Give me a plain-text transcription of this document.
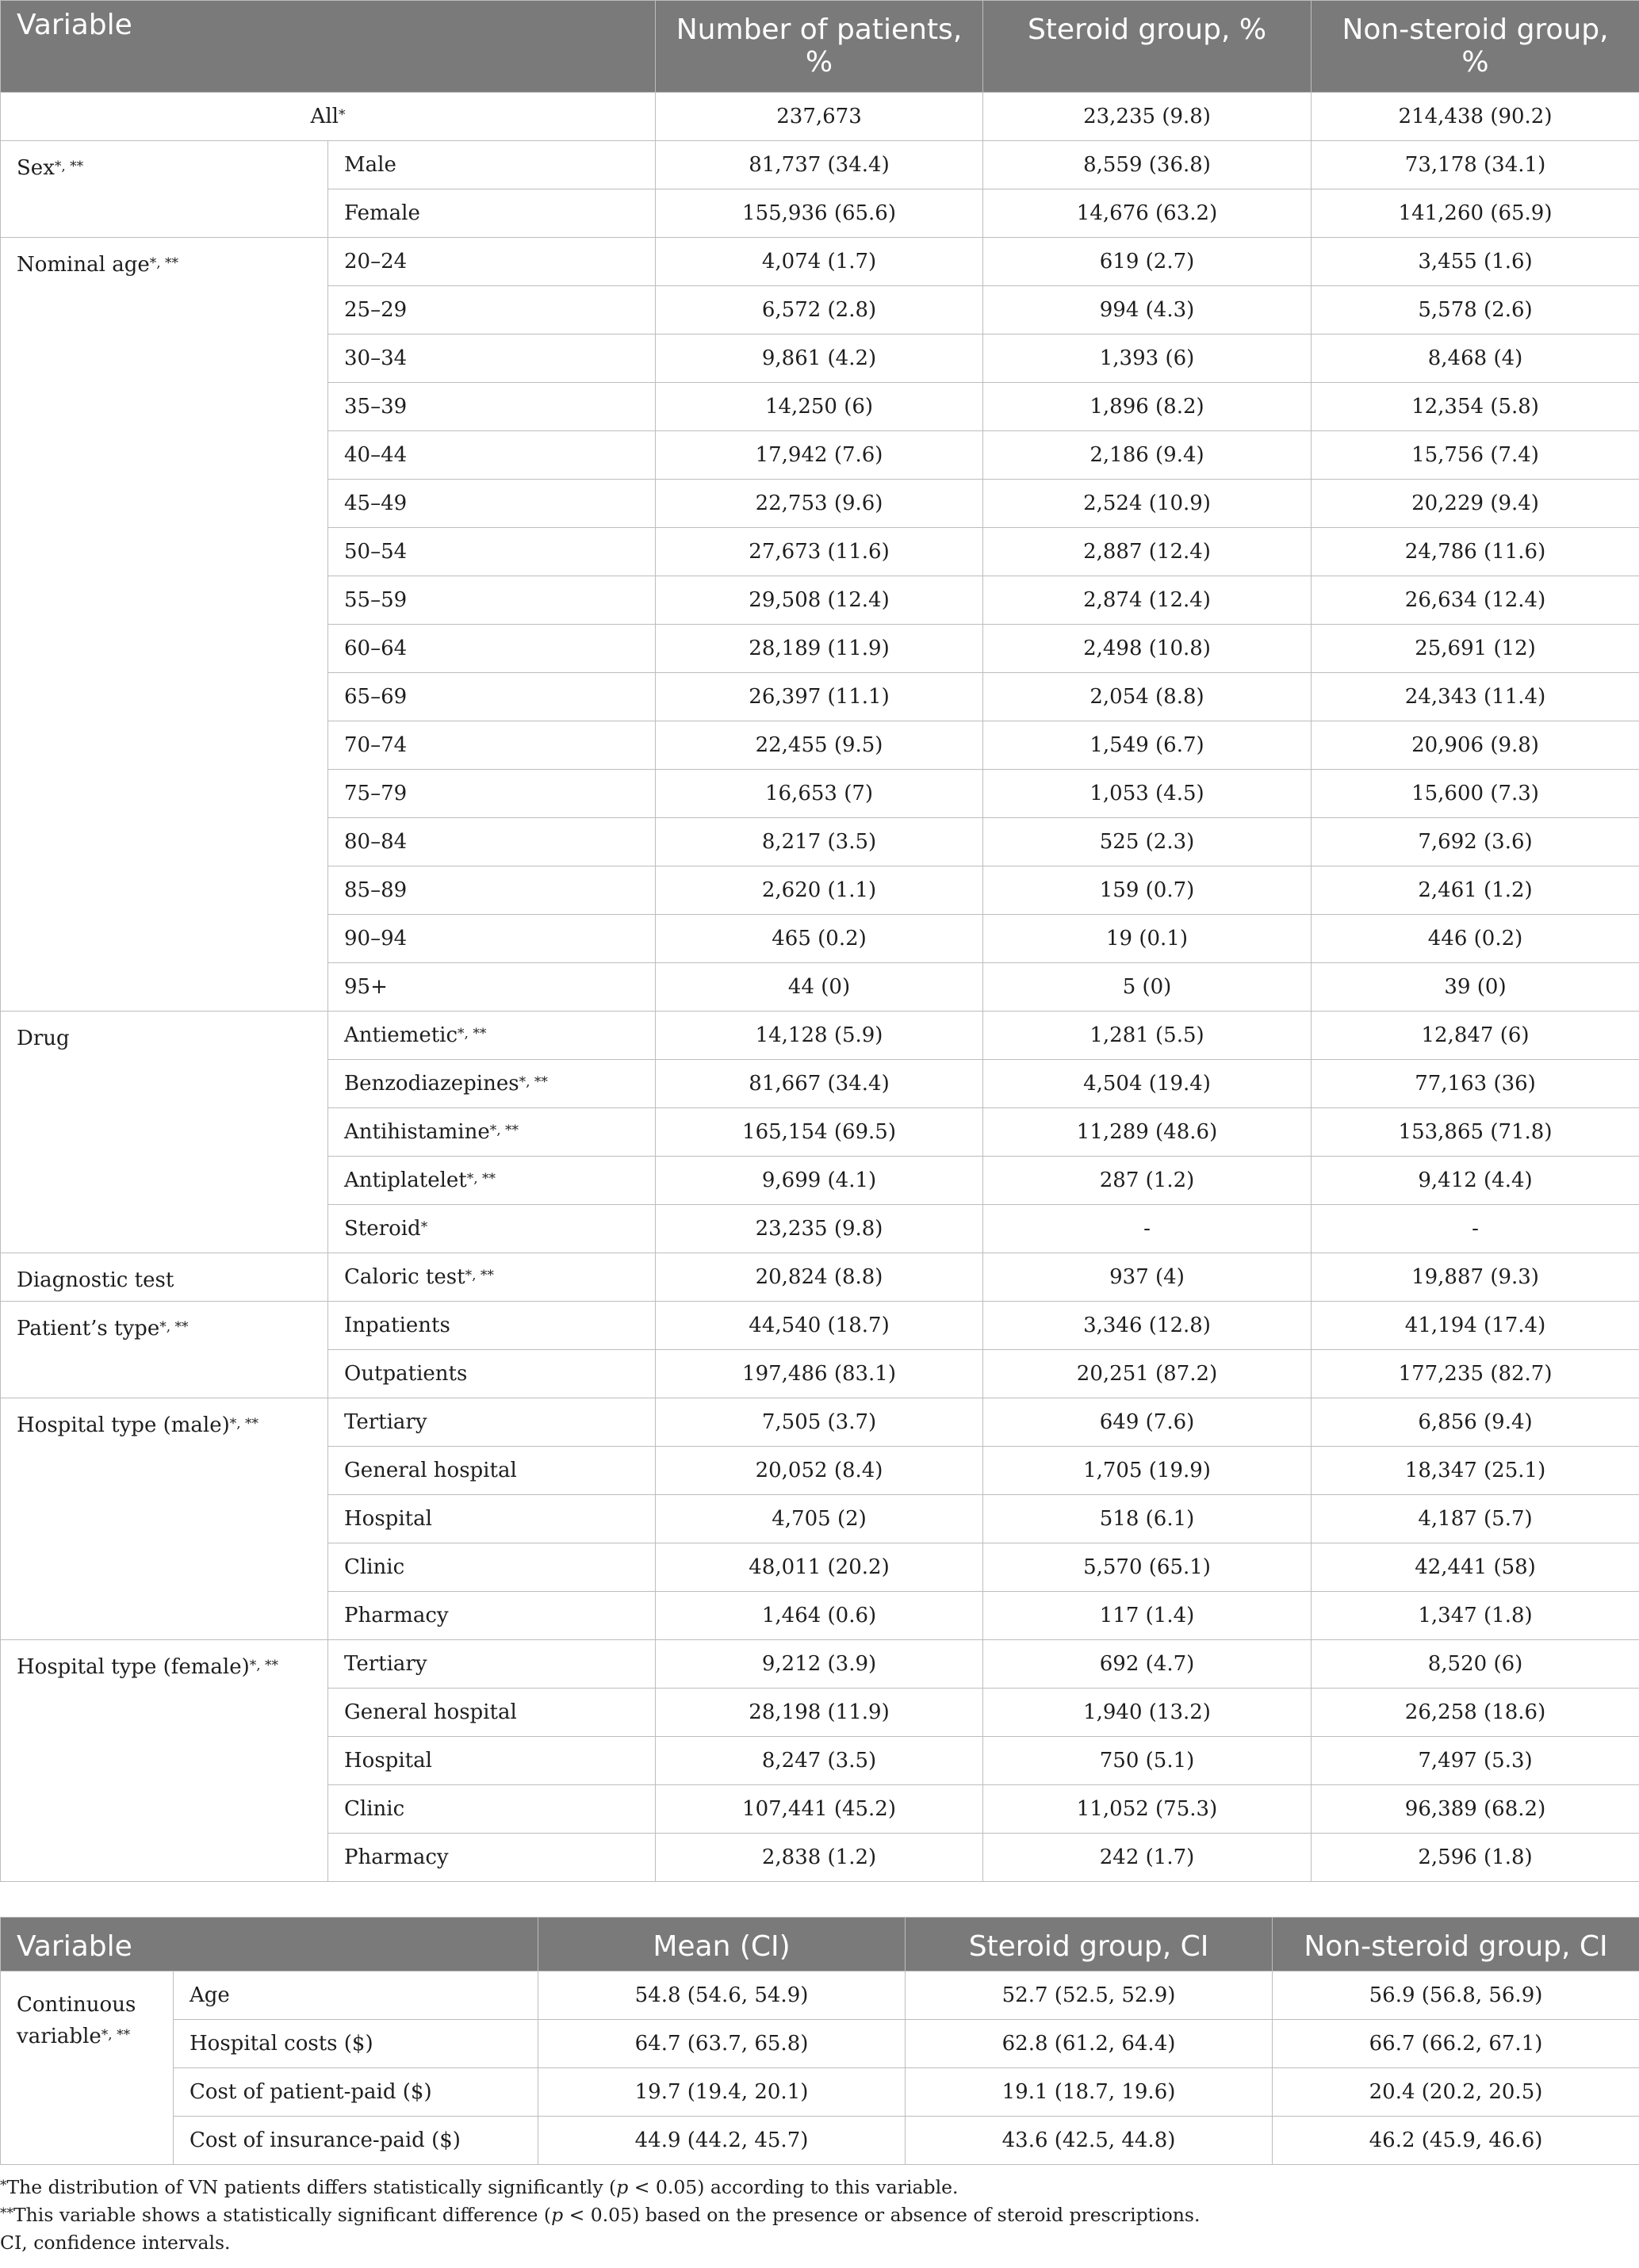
Variable		Number of patients, %	Steroid group, %	Non-steroid group, %
All*		237,673	23,235 (9.8)	214,438 (90.2)
Sex*, **	Male	81,737 (34.4)	8,559 (36.8)	73,178 (34.1)
	Female	155,936 (65.6)	14,676 (63.2)	141,260 (65.9)
Nominal age*, **	20–24	4,074 (1.7)	619 (2.7)	3,455 (1.6)
	25–29	6,572 (2.8)	994 (4.3)	5,578 (2.6)
	30–34	9,861 (4.2)	1,393 (6)	8,468 (4)
	35–39	14,250 (6)	1,896 (8.2)	12,354 (5.8)
	40–44	17,942 (7.6)	2,186 (9.4)	15,756 (7.4)
	45–49	22,753 (9.6)	2,524 (10.9)	20,229 (9.4)
	50–54	27,673 (11.6)	2,887 (12.4)	24,786 (11.6)
	55–59	29,508 (12.4)	2,874 (12.4)	26,634 (12.4)
	60–64	28,189 (11.9)	2,498 (10.8)	25,691 (12)
	65–69	26,397 (11.1)	2,054 (8.8)	24,343 (11.4)
	70–74	22,455 (9.5)	1,549 (6.7)	20,906 (9.8)
	75–79	16,653 (7)	1,053 (4.5)	15,600 (7.3)
	80–84	8,217 (3.5)	525 (2.3)	7,692 (3.6)
	85–89	2,620 (1.1)	159 (0.7)	2,461 (1.2)
	90–94	465 (0.2)	19 (0.1)	446 (0.2)
	95+	44 (0)	5 (0)	39 (0)
Drug	Antiemetic*, **	14,128 (5.9)	1,281 (5.5)	12,847 (6)
	Benzodiazepines*, **	81,667 (34.4)	4,504 (19.4)	77,163 (36)
	Antihistamine*, **	165,154 (69.5)	11,289 (48.6)	153,865 (71.8)
	Antiplatelet*, **	9,699 (4.1)	287 (1.2)	9,412 (4.4)
	Steroid*	23,235 (9.8)	-	-
Diagnostic test	Caloric test*, **	20,824 (8.8)	937 (4)	19,887 (9.3)
Patient’s type*, **	Inpatients	44,540 (18.7)	3,346 (12.8)	41,194 (17.4)
	Outpatients	197,486 (83.1)	20,251 (87.2)	177,235 (82.7)
Hospital type (male)*, **	Tertiary	7,505 (3.7)	649 (7.6)	6,856 (9.4)
	General hospital	20,052 (8.4)	1,705 (19.9)	18,347 (25.1)
	Hospital	4,705 (2)	518 (6.1)	4,187 (5.7)
	Clinic	48,011 (20.2)	5,570 (65.1)	42,441 (58)
	Pharmacy	1,464 (0.6)	117 (1.4)	1,347 (1.8)
Hospital type (female)*, **	Tertiary	9,212 (3.9)	692 (4.7)	8,520 (6)
	General hospital	28,198 (11.9)	1,940 (13.2)	26,258 (18.6)
	Hospital	8,247 (3.5)	750 (5.1)	7,497 (5.3)
	Clinic	107,441 (45.2)	11,052 (75.3)	96,389 (68.2)
	Pharmacy	2,838 (1.2)	242 (1.7)	2,596 (1.8)
Variable		Mean (CI)	Steroid group, CI	Non-steroid group, CI
Continuous
variable*, **	Age	54.8 (54.6, 54.9)	52.7 (52.5, 52.9)	56.9 (56.8, 56.9)
	Hospital costs ($)	64.7 (63.7, 65.8)	62.8 (61.2, 64.4)	66.7 (66.2, 67.1)
	Cost of patient-paid ($)	19.7 (19.4, 20.1)	19.1 (18.7, 19.6)	20.4 (20.2, 20.5)
	Cost of insurance-paid ($)	44.9 (44.2, 45.7)	43.6 (42.5, 44.8)	46.2 (45.9, 46.6)
*The distribution of VN patients differs statistically significantly (p < 0.05) according to this variable.
**This variable shows a statistically significant difference (p < 0.05) based on the presence or absence of steroid prescriptions.
CI, confidence intervals.
